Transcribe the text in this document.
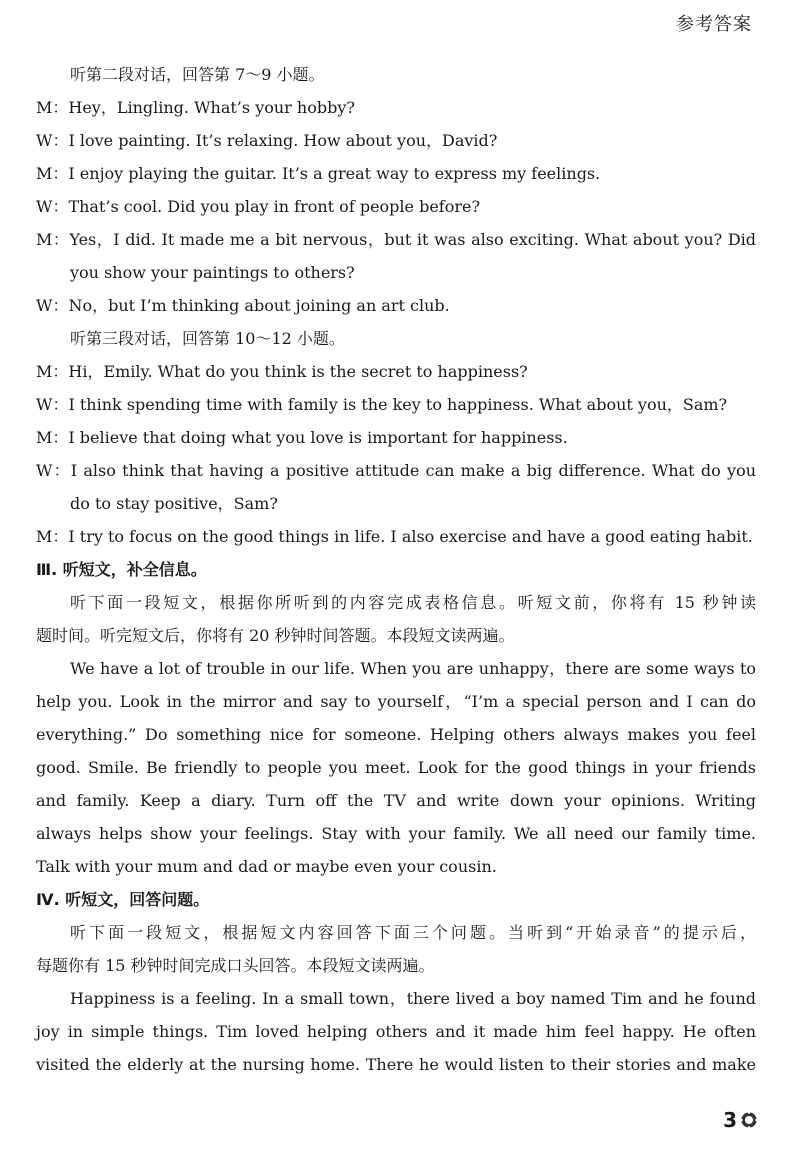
参考答案
听第二段对话，回答第 7～9 小题。
M：Hey，Lingling. What’s your hobby?
W：I love painting. It’s relaxing. How about you，David?
M：I enjoy playing the guitar. It’s a great way to express my feelings.
W：That’s cool. Did you play in front of people before?
M：Yes，I did. It made me a bit nervous，but it was also exciting. What about you? Did
you show your paintings to others?
W：No，but I’m thinking about joining an art club.
听第三段对话，回答第 10～12 小题。
M：Hi，Emily. What do you think is the secret to happiness?
W：I think spending time with family is the key to happiness. What about you，Sam?
M：I believe that doing what you love is important for happiness.
W：I also think that having a positive attitude can make a big difference. What do you
do to stay positive，Sam?
M：I try to focus on the good things in life. I also exercise and have a good eating habit.
Ⅲ. 听短文，补全信息。
听下面一段短文，根据你所听到的内容完成表格信息。听短文前，你将有 15 秒钟读
题时间。听完短文后，你将有 20 秒钟时间答题。本段短文读两遍。
We have a lot of trouble in our life. When you are unhappy，there are some ways to
help you. Look in the mirror and say to yourself，“I’m a special person and I can do
everything.” Do something nice for someone. Helping others always makes you feel
good. Smile. Be friendly to people you meet. Look for the good things in your friends
and family. Keep a diary. Turn off the TV and write down your opinions. Writing
always helps show your feelings. Stay with your family. We all need our family time.
Talk with your mum and dad or maybe even your cousin.
Ⅳ. 听短文，回答问题。
听下面一段短文，根据短文内容回答下面三个问题。当听到“开始录音”的提示后，
每题你有 15 秒钟时间完成口头回答。本段短文读两遍。
Happiness is a feeling. In a small town，there lived a boy named Tim and he found
joy in simple things. Tim loved helping others and it made him feel happy. He often
visited the elderly at the nursing home. There he would listen to their stories and make
3
